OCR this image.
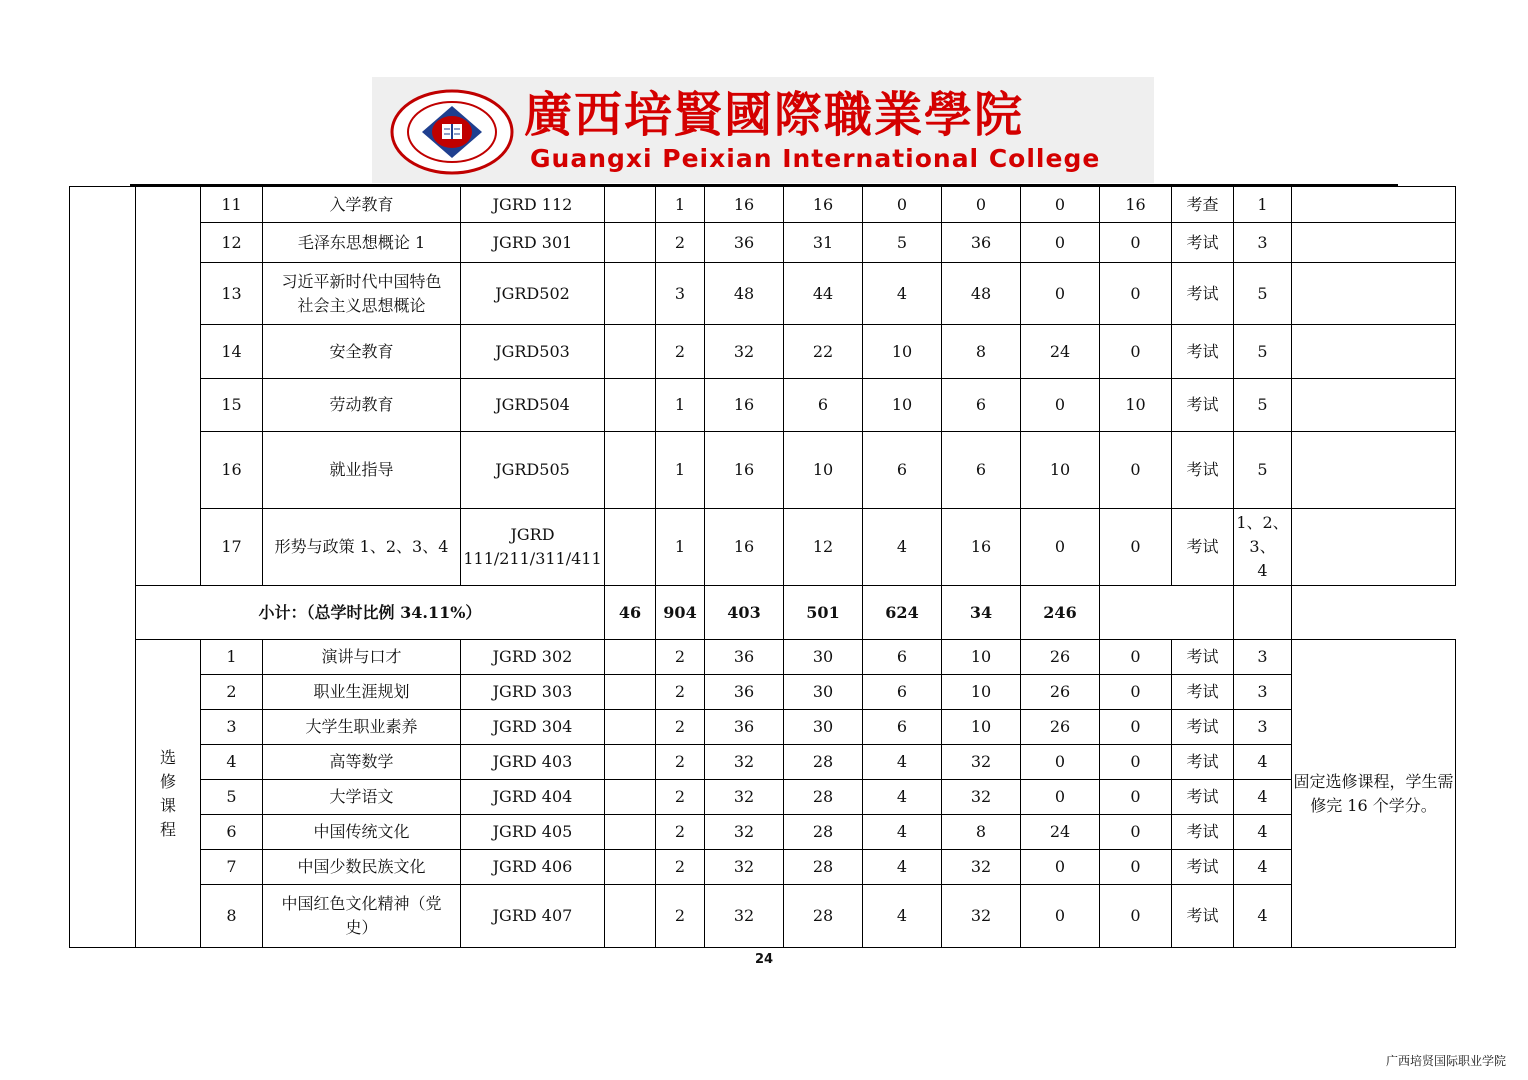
廣西培賢國際職業學院
Guangxi Peixian International College
		11	入学教育	JGRD 112		1	16	16	0	0	0	16	考查	1	

		12	毛泽东思想概论 1	JGRD 301		2	36	31	5	36	0	0	考试	3	

		13	习近平新时代中国特色
社会主义思想概论	JGRD502		3	48	44	4	48	0	0	考试	5	

		14	安全教育	JGRD503		2	32	22	10	8	24	0	考试	5	

		15	劳动教育	JGRD504		1	16	6	10	6	0	10	考试	5	

		16	就业指导	JGRD505		1	16	10	6	6	10	0	考试	5	

		17	形势与政策 1、2、3、4	JGRD
111/211/311/411		1	16	12	4	16	0	0	考试	1、2、3、
4	

	小计：（总学时比例 34.11%）				46	904	403	501	624	34	246				

	选
修
课
程	1	演讲与口才	JGRD 302		2	36	30	6	10	26	0	考试	3	固定选修课程，学生需修完 16 个学分。
		2	职业生涯规划	JGRD 303		2	36	30	6	10	26	0	考试	3	

		3	大学生职业素养	JGRD 304		2	36	30	6	10	26	0	考试	3	

		4	高等数学	JGRD 403		2	32	28	4	32	0	0	考试	4	

		5	大学语文	JGRD 404		2	32	28	4	32	0	0	考试	4	

		6	中国传统文化	JGRD 405		2	32	28	4	8	24	0	考试	4	

		7	中国少数民族文化	JGRD 406		2	32	28	4	32	0	0	考试	4	

		8	中国红色文化精神（党
史）	JGRD 407		2	32	28	4	32	0	0	考试	4	
24
广西培贤国际职业学院
